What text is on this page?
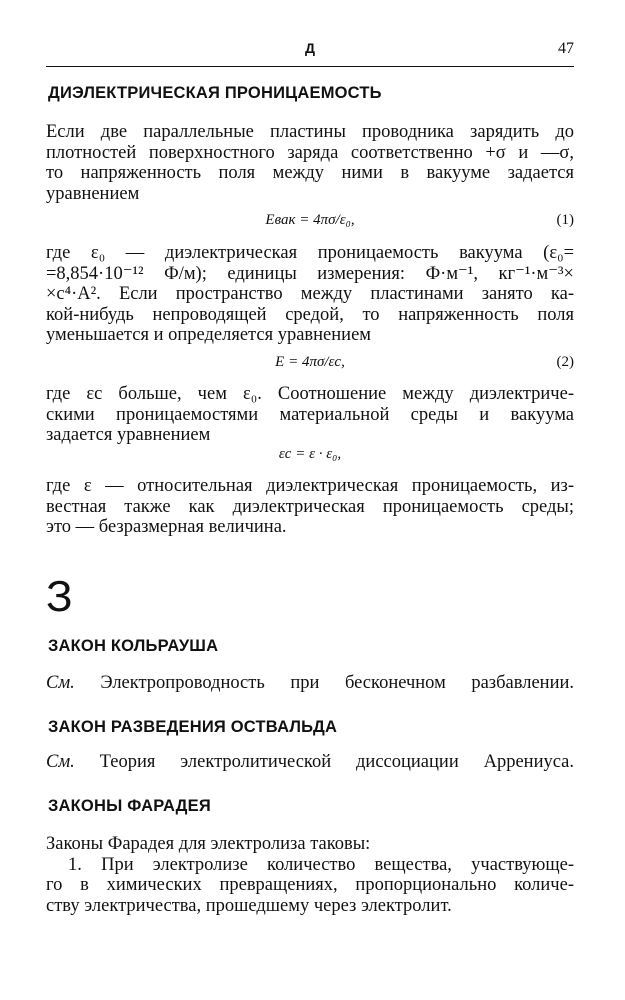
Д	47
ДИЭЛЕКТРИЧЕСКАЯ ПРОНИЦАЕМОСТЬ
Если две параллельные пластины проводника зарядить до
плотностей поверхностного заряда соответственно +σ и —σ,
то напряженность поля между ними в вакууме задается
уравнением
Eвак = 4πσ/ε₀,	(1)
где ε₀ — диэлектрическая проницаемость вакуума (ε₀=
=8,854·10⁻¹² Ф/м); единицы измерения: Ф·м⁻¹, кг⁻¹·м⁻³×
×с⁴·А². Если пространство между пластинами занято ка-
кой-нибудь непроводящей средой, то напряженность поля
уменьшается и определяется уравнением
E = 4πσ/εc,	(2)
где εc больше, чем ε₀. Соотношение между диэлектриче-
скими проницаемостями материальной среды и вакуума
задается уравнением
εc = ε · ε₀,
где ε — относительная диэлектрическая проницаемость, из-
вестная также как диэлектрическая проницаемость среды;
это — безразмерная величина.
З
ЗАКОН КОЛЬРАУША
См. Электропроводность при бесконечном разбавлении.
ЗАКОН РАЗВЕДЕНИЯ ОСТВАЛЬДА
См. Теория электролитической диссоциации Аррениуса.
ЗАКОНЫ ФАРАДЕЯ
Законы Фарадея для электролиза таковы:
1. При электролизе количество вещества, участвующе-
го в химических превращениях, пропорционально количе-
ству электричества, прошедшему через электролит.
